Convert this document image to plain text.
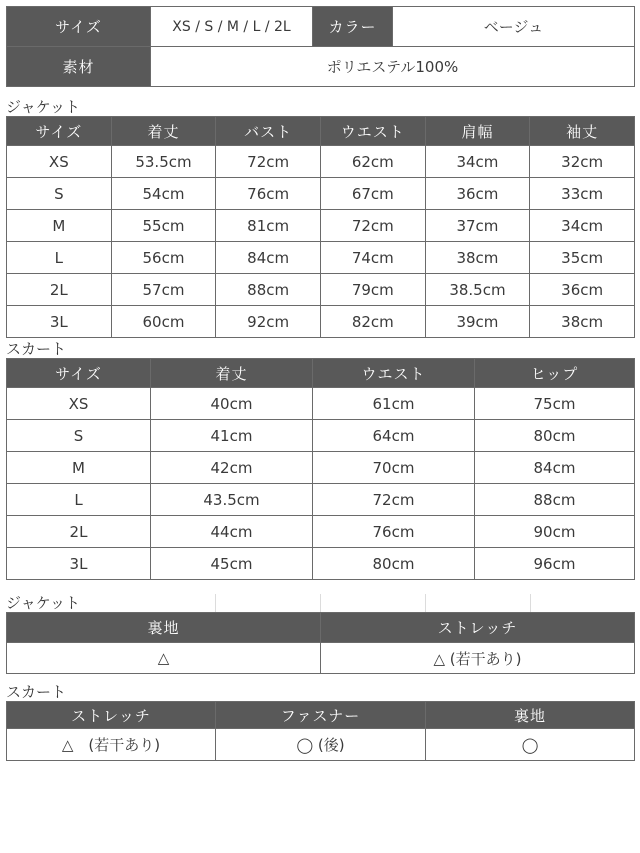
サイズ	XS / S / M / L / 2L	カラー	ベージュ
素材	ポリエステル100%		
ジャケット
サイズ	着丈	バスト	ウエスト	肩幅	袖丈
XS	53.5cm	72cm	62cm	34cm	32cm
S	54cm	76cm	67cm	36cm	33cm
M	55cm	81cm	72cm	37cm	34cm
L	56cm	84cm	74cm	38cm	35cm
2L	57cm	88cm	79cm	38.5cm	36cm
3L	60cm	92cm	82cm	39cm	38cm
スカート
サイズ	着丈	ウエスト	ヒップ
XS	40cm	61cm	75cm
S	41cm	64cm	80cm
M	42cm	70cm	84cm
L	43.5cm	72cm	88cm
2L	44cm	76cm	90cm
3L	45cm	80cm	96cm
ジャケット
裏地	ストレッチ
△	△ (若干あり)
スカート
ストレッチ	ファスナー	裏地
△　(若干あり)	◯ (後)	◯
